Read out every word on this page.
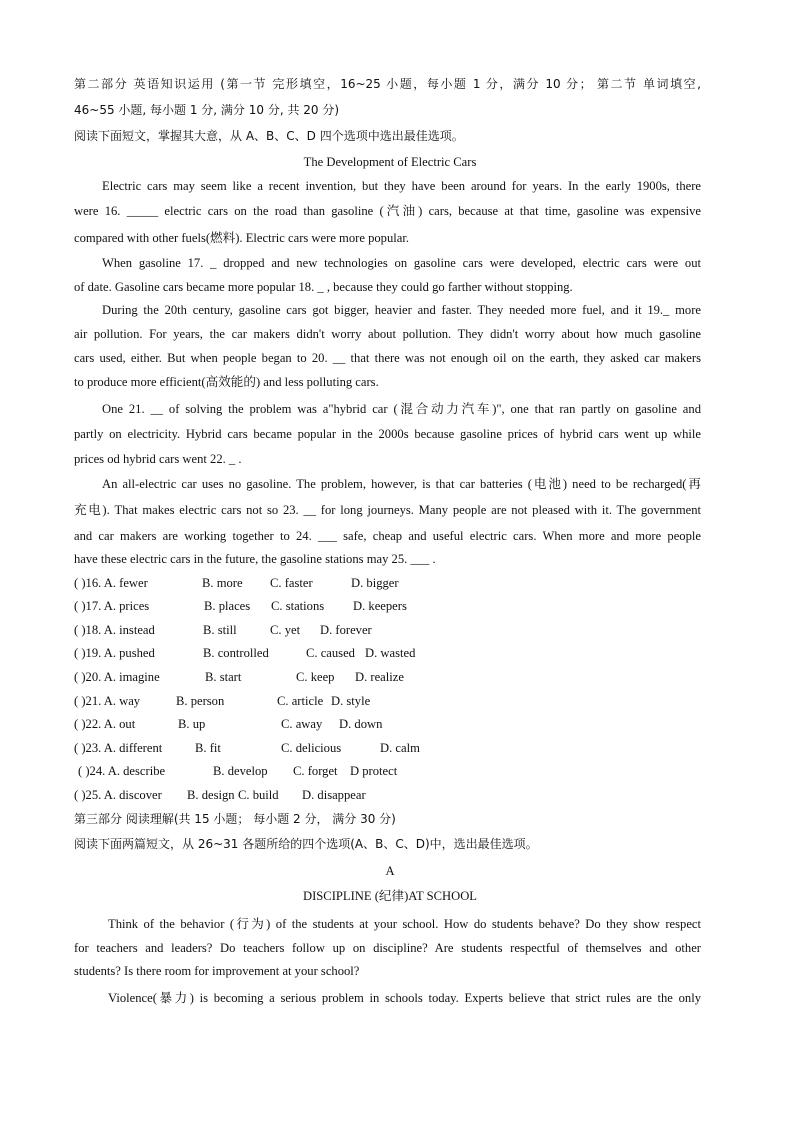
第二部分 英语知识运用 (第一节 完形填空，16~25 小题，每小题 1 分，满分 10 分； 第二节 单词填空,
46~55 小题, 每小题 1 分, 满分 10 分, 共 20 分)
阅读下面短文，掌握其大意，从 A、B、C、D 四个选项中选出最佳选项。
The Development of Electric Cars
Electric cars may seem like a recent invention, but they have been around for years. In the early 1900s, there
were 16. _____ electric cars on the road than gasoline (汽油) cars, because at that time, gasoline was expensive
compared with other fuels(燃料). Electric cars were more popular.
When gasoline 17. _ dropped and new technologies on gasoline cars were developed, electric cars were out
of date. Gasoline cars became more popular 18. _ , because they could go farther without stopping.
During the 20th century, gasoline cars got bigger, heavier and faster. They needed more fuel, and it 19._ more
air pollution. For years, the car makers didn't worry about pollution. They didn't worry about how much gasoline
cars used, either. But when people began to 20. __ that there was not enough oil on the earth, they asked car makers
to produce more efficient(高效能的) and less polluting cars.
One 21. __ of solving the problem was a"hybrid car (混合动力汽车)", one that ran partly on gasoline and
partly on electricity. Hybrid cars became popular in the 2000s because gasoline prices of hybrid cars went up while
prices od hybrid cars went 22. _ .
An all-electric car uses no gasoline. The problem, however, is that car batteries (电池) need to be recharged(再
充电). That makes electric cars not so 23. __ for long journeys. Many people are not pleased with it. The government
and car makers are working together to 24. ___ safe, cheap and useful electric cars. When more and more people
have these electric cars in the future, the gasoline stations may 25. ___ .
( )16. A. fewer	B. more C. faster	D. bigger
( )17. A. prices	B. places C. stations D. keepers
( )18. A. instead	B. still	C. yet D. forever
( )19. A. pushed	B. controlled	C. caused D. wasted
( )20. A. imagine	B. start	C. keep D. realize
( )21. A. way	B. person	C. article D. style
( )22. A. out	B. up	C. away D. down
( )23. A. different	B. fit	C. delicious	D. calm
( )24. A. describe	B. develop C. forget D protect
( )25. A. discover B. design C. build D. disappear
第三部分 阅读理解(共 15 小题； 每小题 2 分， 满分 30 分)
阅读下面两篇短文，从 26~31 各题所给的四个选项(A、B、C、D)中，选出最佳选项。
A
DISCIPLINE (纪律)AT SCHOOL
Think of the behavior (行为) of the students at your school. How do students behave? Do they show respect
for teachers and leaders? Do teachers follow up on discipline? Are students respectful of themselves and other
students? Is there room for improvement at your school?
Violence(暴力) is becoming a serious problem in schools today. Experts believe that strict rules are the only
